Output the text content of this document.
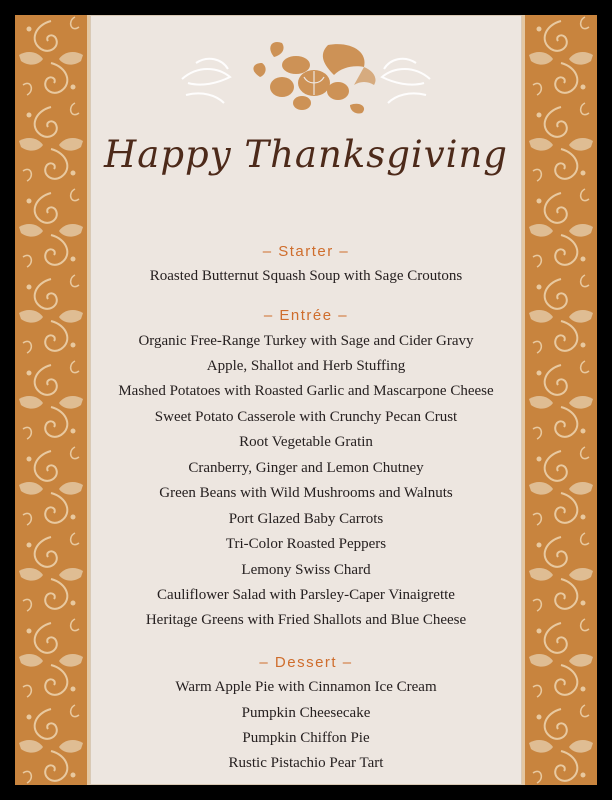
Happy Thanksgiving
– Starter –
Roasted Butternut Squash Soup with Sage Croutons
– Entrée –
Organic Free-Range Turkey with Sage and Cider Gravy
Apple, Shallot and Herb Stuffing
Mashed Potatoes with Roasted Garlic and Mascarpone Cheese
Sweet Potato Casserole with Crunchy Pecan Crust
Root Vegetable Gratin
Cranberry, Ginger and Lemon Chutney
Green Beans with Wild Mushrooms and Walnuts
Port Glazed Baby Carrots
Tri-Color Roasted Peppers
Lemony Swiss Chard
Cauliflower Salad with Parsley-Caper Vinaigrette
Heritage Greens with Fried Shallots and Blue Cheese
– Dessert –
Warm Apple Pie with Cinnamon Ice Cream
Pumpkin Cheesecake
Pumpkin Chiffon Pie
Rustic Pistachio Pear Tart
